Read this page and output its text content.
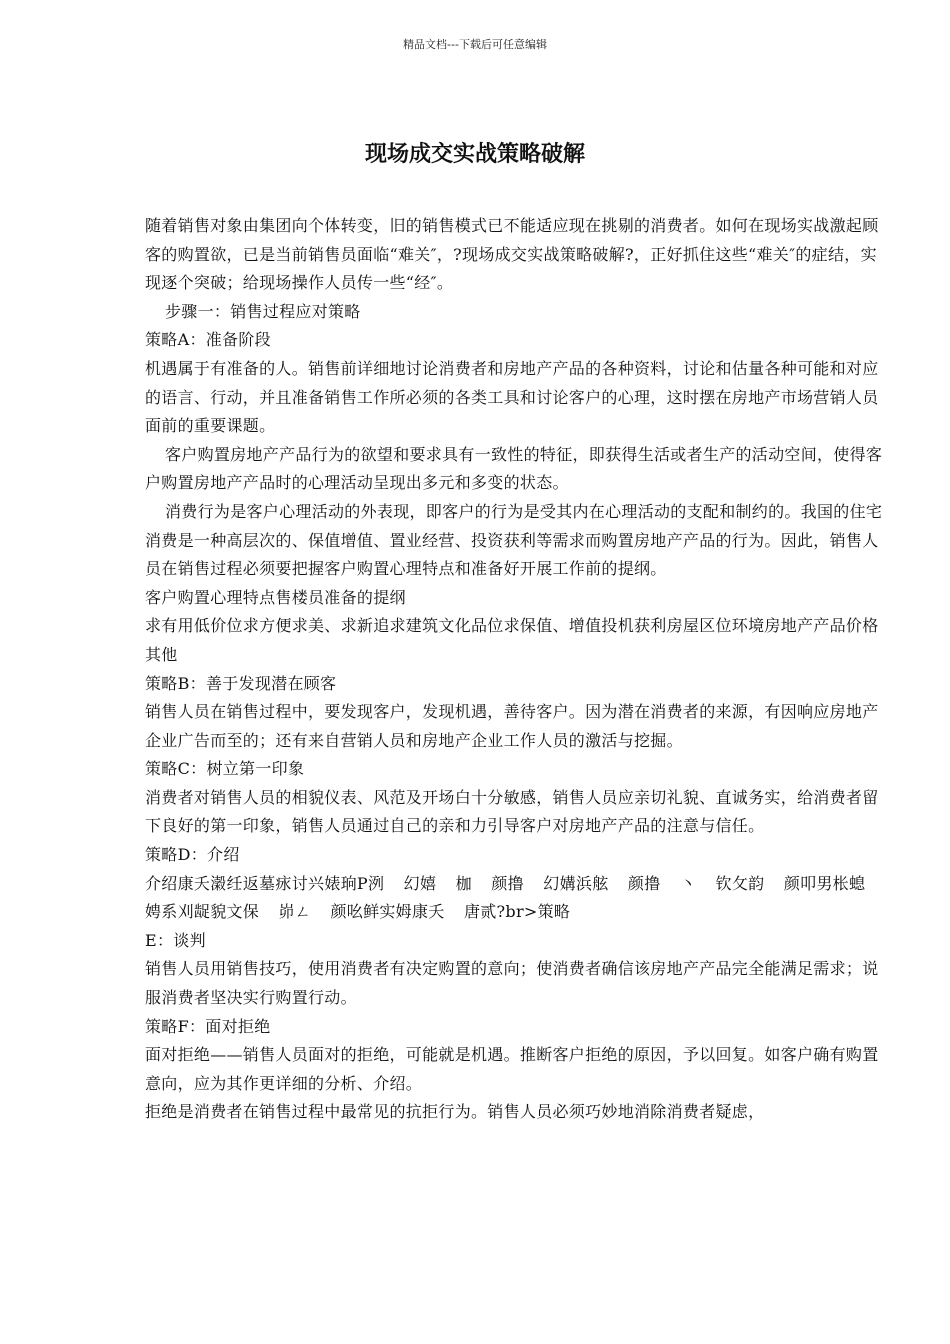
精品文档---下载后可任意编辑
现场成交实战策略破解

随着销售对象由集团向个体转变，旧的销售模式已不能适应现在挑剔的消费者。如何在现场实战激起顾客的购置欲，已是当前销售员面临“难关″，?现场成交实战策略破解?，正好抓住这些“难关″的症结，实现逐个突破；给现场操作人员传一些“经″。

步骤一：销售过程应对策略

策略A：准备阶段

机遇属于有准备的人。销售前详细地讨论消费者和房地产产品的各种资料，讨论和估量各种可能和对应的语言、行动，并且准备销售工作所必须的各类工具和讨论客户的心理，这时摆在房地产市场营销人员面前的重要课题。

客户购置房地产产品行为的欲望和要求具有一致性的特征，即获得生活或者生产的活动空间，使得客户购置房地产产品时的心理活动呈现出多元和多变的状态。

消费行为是客户心理活动的外表现，即客户的行为是受其内在心理活动的支配和制约的。我国的住宅消费是一种高层次的、保值增值、置业经营、投资获利等需求而购置房地产产品的行为。因此，销售人员在销售过程必须要把握客户购置心理特点和准备好开展工作前的提纲。

客户购置心理特点售楼员准备的提纲

求有用低价位求方便求美、求新追求建筑文化品位求保值、增值投机获利房屋区位环境房地产产品价格其他

策略B：善于发现潜在顾客

销售人员在销售过程中，要发现客户，发现机遇，善待客户。因为潜在消费者的来源，有因响应房地产企业广告而至的；还有来自营销人员和房地产企业工作人员的激活与挖掘。

策略C：树立第一印象

消费者对销售人员的相貌仪表、风范及开场白十分敏感，销售人员应亲切礼貌、直诚务实，给消费者留下良好的第一印象，销售人员通过自己的亲和力引导客户对房地产产品的注意与信任。

策略D：介绍

介绍康夭濲纴返墓㽷讨兴婊珦P洌 幻嬉 枷 颜撸 幻媾浜舷 颜撸 丶 钦攵韵 颜叩男枨螅 娉系刈龊貌文保 峁ㄥ 颜吆鲜实姆康夭 唐贰?br>策略

E：谈判

销售人员用销售技巧，使用消费者有决定购置的意向；使消费者确信该房地产产品完全能满足需求；说服消费者坚决实行购置行动。

策略F：面对拒绝

面对拒绝——销售人员面对的拒绝，可能就是机遇。推断客户拒绝的原因，予以回复。如客户确有购置意向，应为其作更详细的分析、介绍。

拒绝是消费者在销售过程中最常见的抗拒行为。销售人员必须巧妙地消除消费者疑虑，
